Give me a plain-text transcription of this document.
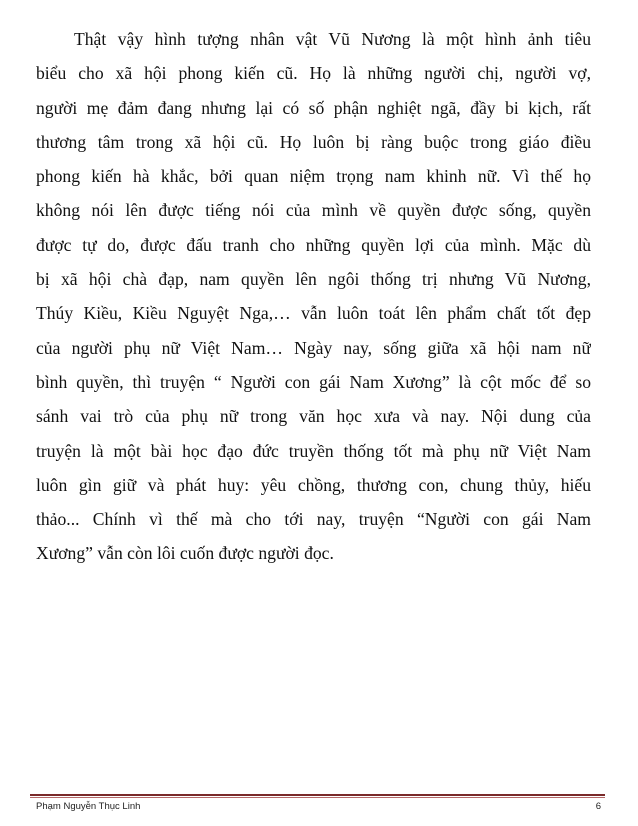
Thật vậy hình tượng nhân vật Vũ Nương là một hình ảnh tiêu
biểu cho xã hội phong kiến cũ. Họ là những người chị, người vợ,
người mẹ đảm đang nhưng lại có số phận nghiệt ngã, đầy bi kịch, rất
thương tâm trong xã hội cũ. Họ luôn bị ràng buộc trong giáo điều
phong kiến hà khắc, bởi quan niệm trọng nam khinh nữ. Vì thế họ
không nói lên được tiếng nói của mình về quyền được sống, quyền
được tự do, được đấu tranh cho những quyền lợi của mình. Mặc dù
bị xã hội chà đạp, nam quyền lên ngôi thống trị nhưng Vũ Nương,
Thúy Kiều, Kiều Nguyệt Nga,… vẫn luôn toát lên phẩm chất tốt đẹp
của người phụ nữ Việt Nam… Ngày nay, sống giữa xã hội nam nữ
bình quyền, thì truyện “ Người con gái Nam Xương” là cột mốc để so
sánh vai trò của phụ nữ trong văn học xưa và nay. Nội dung của
truyện là một bài học đạo đức truyền thống tốt mà phụ nữ Việt Nam
luôn gìn giữ và phát huy: yêu chồng, thương con, chung thủy, hiếu
thảo... Chính vì thế mà cho tới nay, truyện “Người con gái Nam
Xương” vẫn còn lôi cuốn được người đọc.
Phạm Nguyễn Thục Linh	6
